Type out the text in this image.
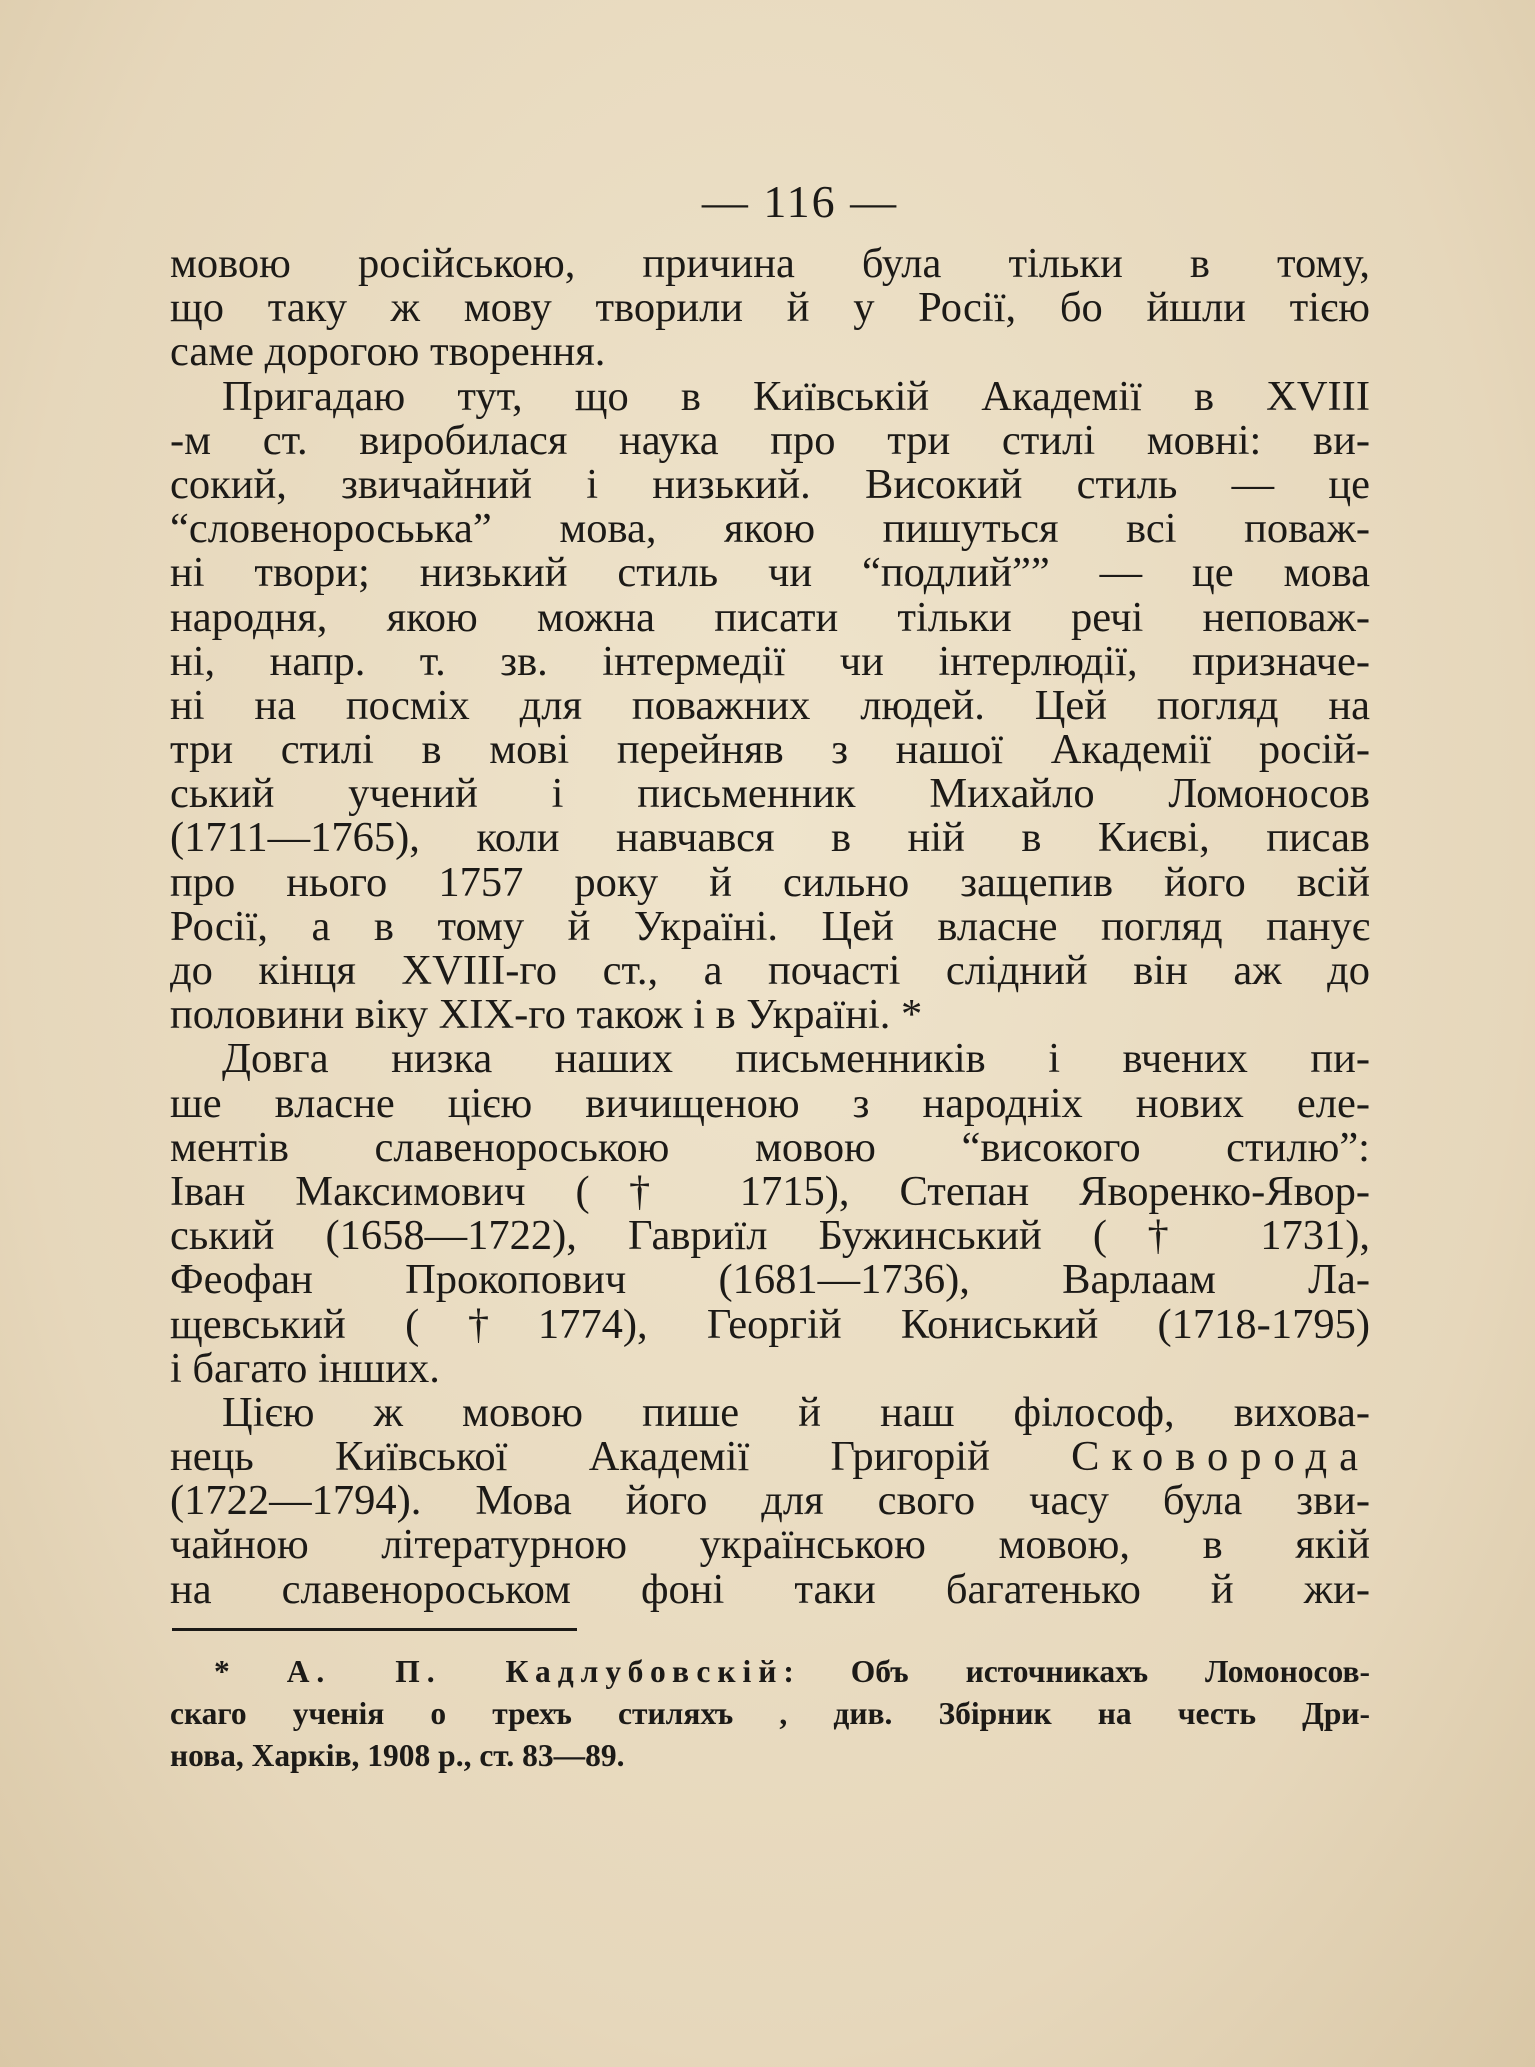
— 116 —
мовою російською, причина була тільки в тому,
що таку ж мову творили й у Росії, бо йшли тією
саме дорогою творення.
Пригадаю тут, що в Київській Академії в XVIII
-м ст. виробилася наука про три стилі мовні: ви-
сокий, звичайний і низький. Високий стиль — це
“словеноросьька” мова, якою пишуться всі поваж-
ні твори; низький стиль чи “подлий”” — це мова
народня, якою можна писати тільки речі неповаж-
ні, напр. т. зв. інтермедії чи інтерлюдії, призначе-
ні на посміх для поважних людей. Цей погляд на
три стилі в мові перейняв з нашої Академії росій-
ський учений і письменник Михайло Ломоносов
(1711—1765), коли навчався в ній в Києві, писав
про нього 1757 року й сильно защепив його всій
Росії, а в тому й Україні. Цей власне погляд панує
до кінця XVIII-го ст., а почасті слідний він аж до
половини віку XIX-го також і в Україні. *
Довга низка наших письменників і вчених пи-
ше власне цією вичищеною з народніх нових еле-
ментів славенороською мовою “високого стилю”:
Іван Максимович († 1715), Степан Яворенко-Явор-
ський (1658—1722), Гавриїл Бужинський († 1731),
Феофан Прокопович (1681—1736), Варлаам Ла-
щевський (†1774), Георгій Кониський (1718-1795)
і багато інших.
Цією ж мовою пише й наш філософ, вихова-
нець Київської Академії Григорій Сковорода
(1722—1794). Мова його для свого часу була зви-
чайною літературною українською мовою, в якій
на славенороськом фоні таки багатенько й жи-
* А. П. Кадлубовскій: Объ источникахъ Ломоносов-
скаго ученія о трехъ стиляхъ , див. Збірник на честь Дри-
нова, Харків, 1908 р., ст. 83—89.
